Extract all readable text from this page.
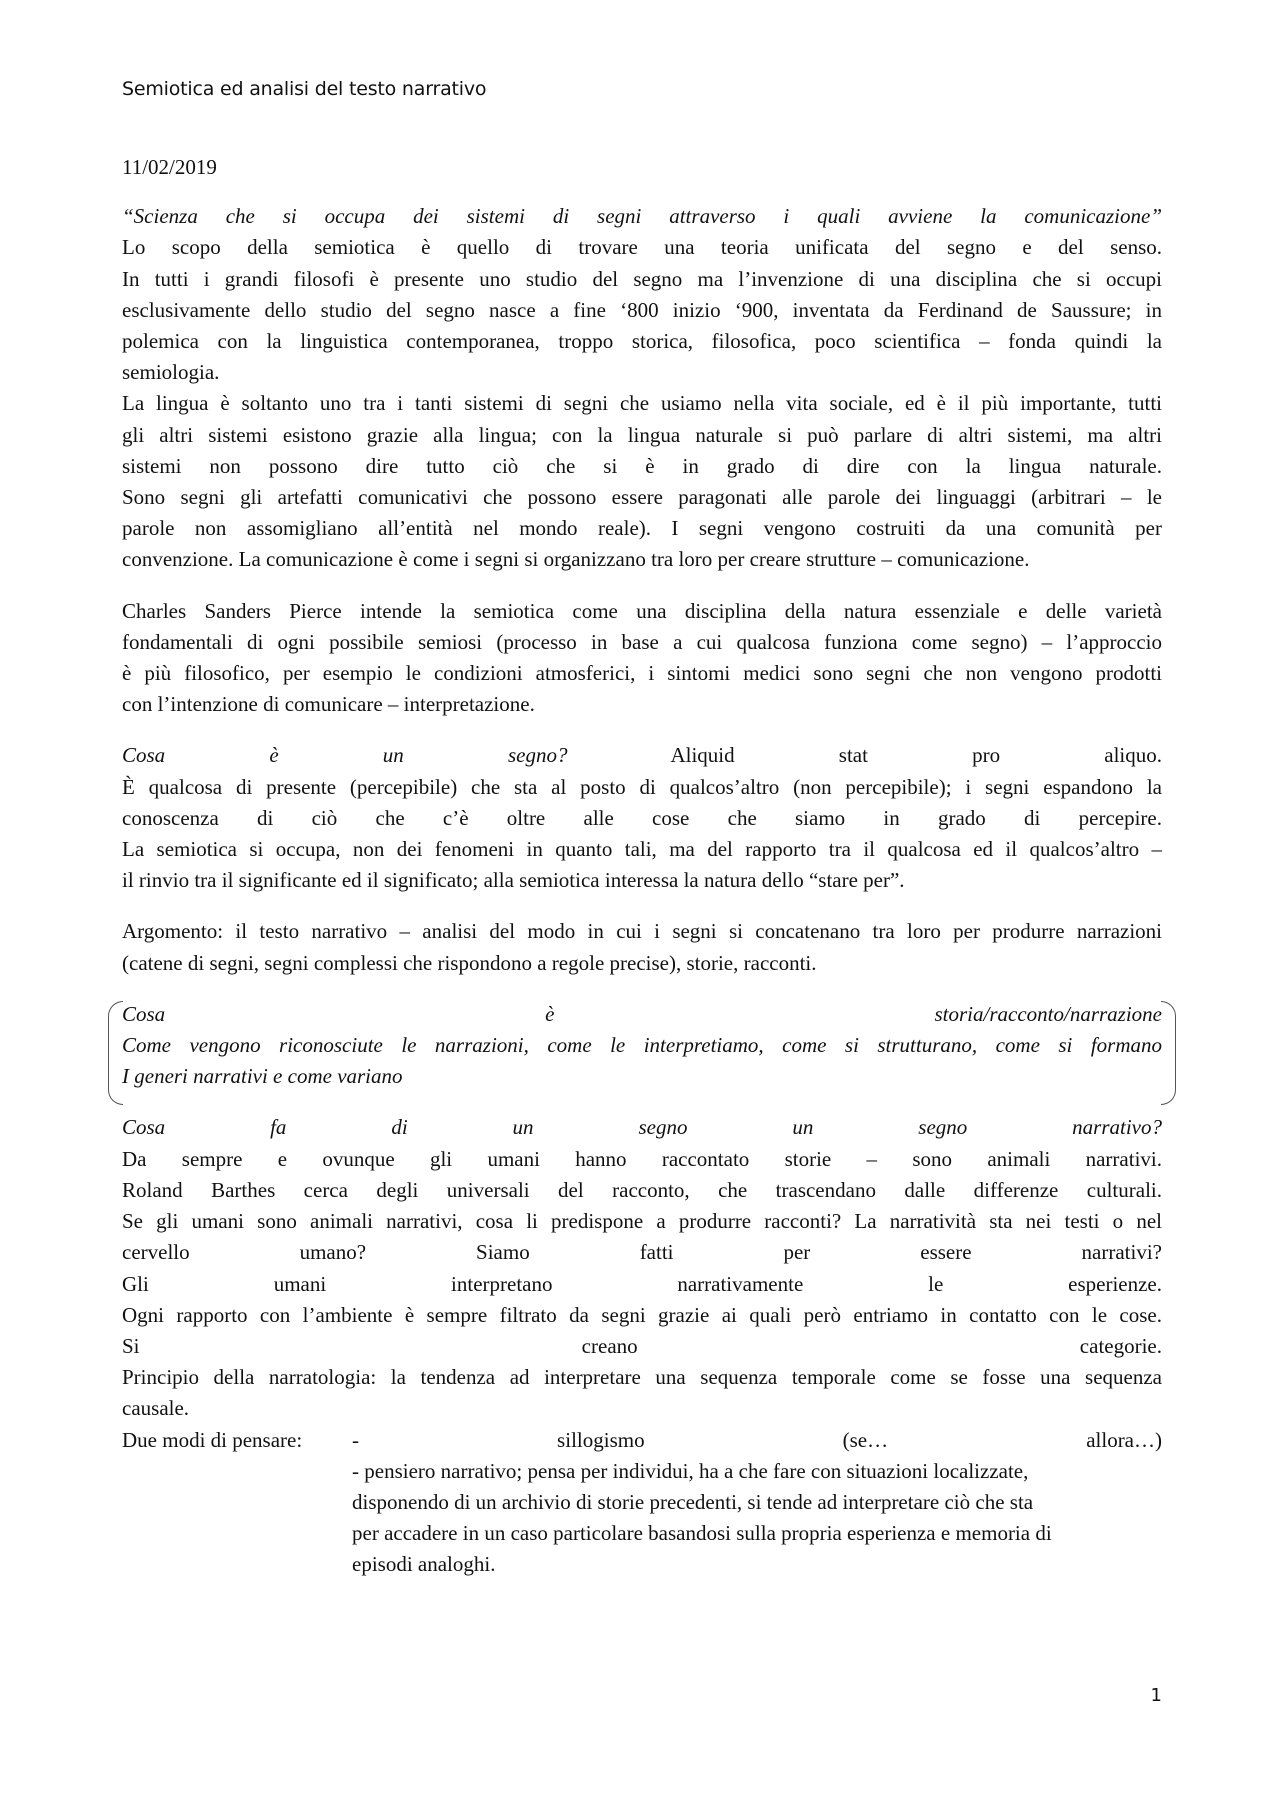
Semiotica ed analisi del testo narrativo
11/02/2019
“Scienza che si occupa dei sistemi di segni attraverso i quali avviene la comunicazione”
Lo scopo della semiotica è quello di trovare una teoria unificata del segno e del senso.
In tutti i grandi filosofi è presente uno studio del segno ma l’invenzione di una disciplina che si occupi
esclusivamente dello studio del segno nasce a fine ‘800 inizio ‘900, inventata da Ferdinand de Saussure; in
polemica con la linguistica contemporanea, troppo storica, filosofica, poco scientifica – fonda quindi la
semiologia.
La lingua è soltanto uno tra i tanti sistemi di segni che usiamo nella vita sociale, ed è il più importante, tutti
gli altri sistemi esistono grazie alla lingua; con la lingua naturale si può parlare di altri sistemi, ma altri
sistemi non possono dire tutto ciò che si è in grado di dire con la lingua naturale.
Sono segni gli artefatti comunicativi che possono essere paragonati alle parole dei linguaggi (arbitrari – le
parole non assomigliano all’entità nel mondo reale). I segni vengono costruiti da una comunità per
convenzione. La comunicazione è come i segni si organizzano tra loro per creare strutture – comunicazione.
Charles Sanders Pierce intende la semiotica come una disciplina della natura essenziale e delle varietà
fondamentali di ogni possibile semiosi (processo in base a cui qualcosa funziona come segno) – l’approccio
è più filosofico, per esempio le condizioni atmosferici, i sintomi medici sono segni che non vengono prodotti
con l’intenzione di comunicare – interpretazione.
Cosa è un segno?	Aliquid stat pro aliquo.
È qualcosa di presente (percepibile) che sta al posto di qualcos’altro (non percepibile); i segni espandono la
conoscenza di ciò che c’è oltre alle cose che siamo in grado di percepire.
La semiotica si occupa, non dei fenomeni in quanto tali, ma del rapporto tra il qualcosa ed il qualcos’altro –
il rinvio tra il significante ed il significato; alla semiotica interessa la natura dello “stare per”.
Argomento: il testo narrativo – analisi del modo in cui i segni si concatenano tra loro per produrre narrazioni
(catene di segni, segni complessi che rispondono a regole precise), storie, racconti.
Cosa è storia/racconto/narrazione
Come vengono riconosciute le narrazioni, come le interpretiamo, come si strutturano, come si formano
I generi narrativi e come variano
Cosa fa di un segno un segno narrativo?
Da sempre e ovunque gli umani hanno raccontato storie – sono animali narrativi.
Roland Barthes cerca degli universali del racconto, che trascendano dalle differenze culturali.
Se gli umani sono animali narrativi, cosa li predispone a produrre racconti? La narratività sta nei testi o nel
cervello umano? Siamo fatti per essere narrativi?
Gli umani interpretano narrativamente le esperienze.
Ogni rapporto con l’ambiente è sempre filtrato da segni grazie ai quali però entriamo in contatto con le cose.
Si creano categorie.
Principio della narratologia: la tendenza ad interpretare una sequenza temporale come se fosse una sequenza
causale.
Due modi di pensare:	- sillogismo (se… allora…)
- pensiero narrativo; pensa per individui, ha a che fare con situazioni localizzate,
disponendo di un archivio di storie precedenti, si tende ad interpretare ciò che sta
per accadere in un caso particolare basandosi sulla propria esperienza e memoria di
episodi analoghi.
1
